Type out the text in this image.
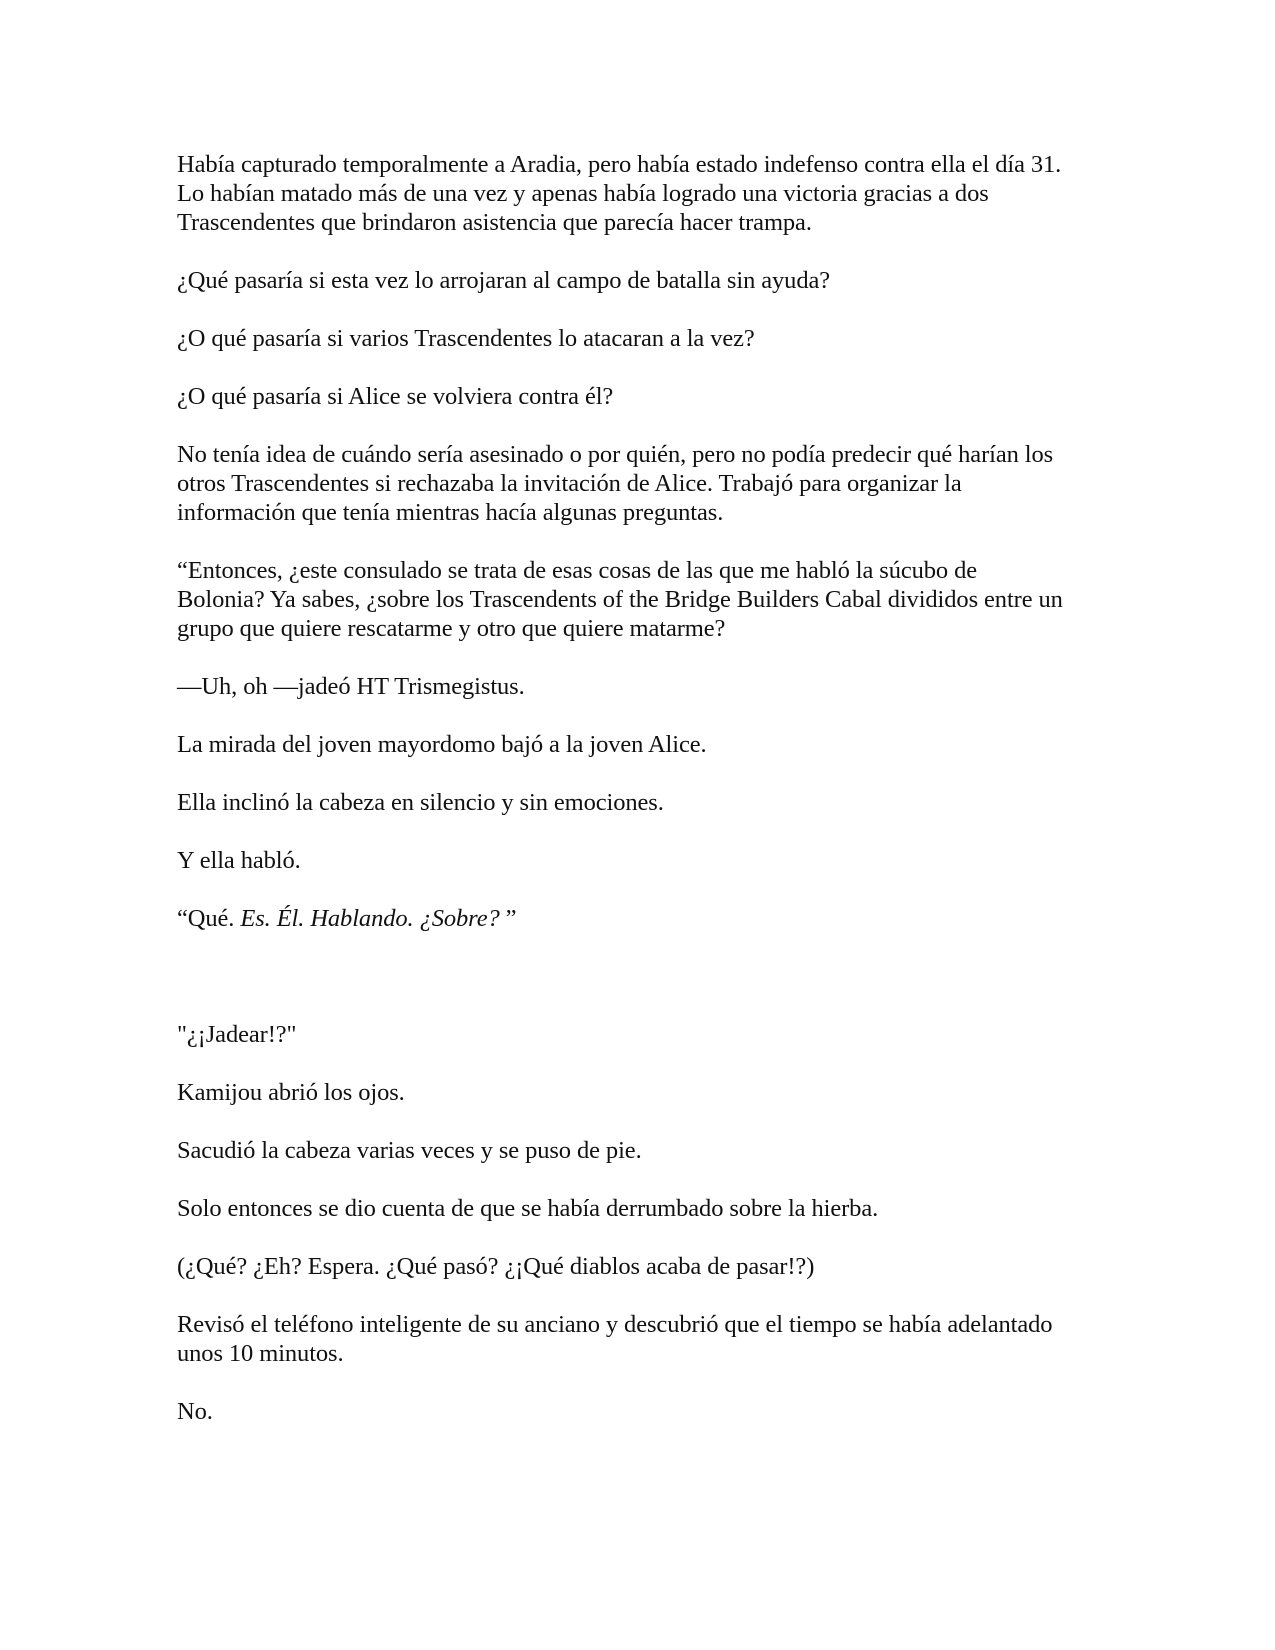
Había capturado temporalmente a Aradia, pero había estado indefenso contra ella el día 31.
Lo habían matado más de una vez y apenas había logrado una victoria gracias a dos
Trascendentes que brindaron asistencia que parecía hacer trampa.

¿Qué pasaría si esta vez lo arrojaran al campo de batalla sin ayuda?

¿O qué pasaría si varios Trascendentes lo atacaran a la vez?

¿O qué pasaría si Alice se volviera contra él?

No tenía idea de cuándo sería asesinado o por quién, pero no podía predecir qué harían los
otros Trascendentes si rechazaba la invitación de Alice. Trabajó para organizar la
información que tenía mientras hacía algunas preguntas.

“Entonces, ¿este consulado se trata de esas cosas de las que me habló la súcubo de
Bolonia? Ya sabes, ¿sobre los Trascendents of the Bridge Builders Cabal divididos entre un
grupo que quiere rescatarme y otro que quiere matarme?

—Uh, oh —jadeó HT Trismegistus.

La mirada del joven mayordomo bajó a la joven Alice.

Ella inclinó la cabeza en silencio y sin emociones.

Y ella habló.

“Qué. Es. Él. Hablando. ¿Sobre? ”

"¿¡Jadear!?"

Kamijou abrió los ojos.

Sacudió la cabeza varias veces y se puso de pie.

Solo entonces se dio cuenta de que se había derrumbado sobre la hierba.

(¿Qué? ¿Eh? Espera. ¿Qué pasó? ¿¡Qué diablos acaba de pasar!?)

Revisó el teléfono inteligente de su anciano y descubrió que el tiempo se había adelantado
unos 10 minutos.

No.
